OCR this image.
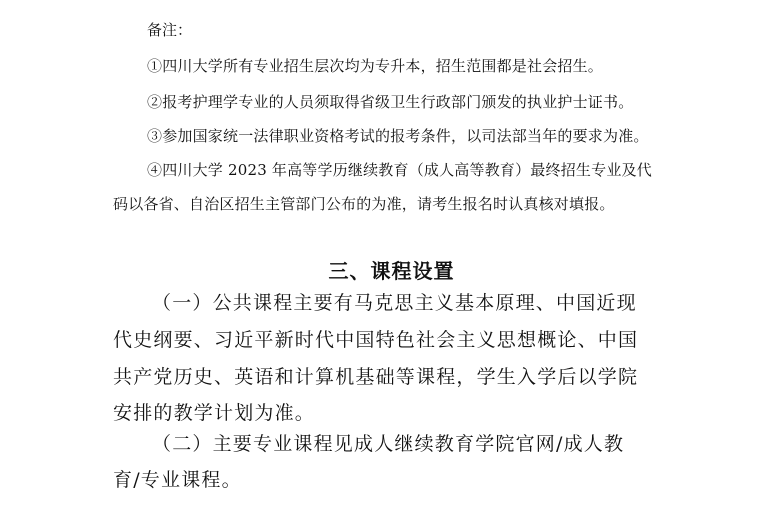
备注：
①四川大学所有专业招生层次均为专升本，招生范围都是社会招生。
②报考护理学专业的人员须取得省级卫生行政部门颁发的执业护士证书。
③参加国家统一法律职业资格考试的报考条件，以司法部当年的要求为准。
④四川大学 2023 年高等学历继续教育（成人高等教育）最终招生专业及代
码以各省、自治区招生主管部门公布的为准，请考生报名时认真核对填报。
三、课程设置
（一）公共课程主要有马克思主义基本原理、中国近现
代史纲要、习近平新时代中国特色社会主义思想概论、中国
共产党历史、英语和计算机基础等课程，学生入学后以学院
安排的教学计划为准。
（二）主要专业课程见成人继续教育学院官网/成人教
育/专业课程。
